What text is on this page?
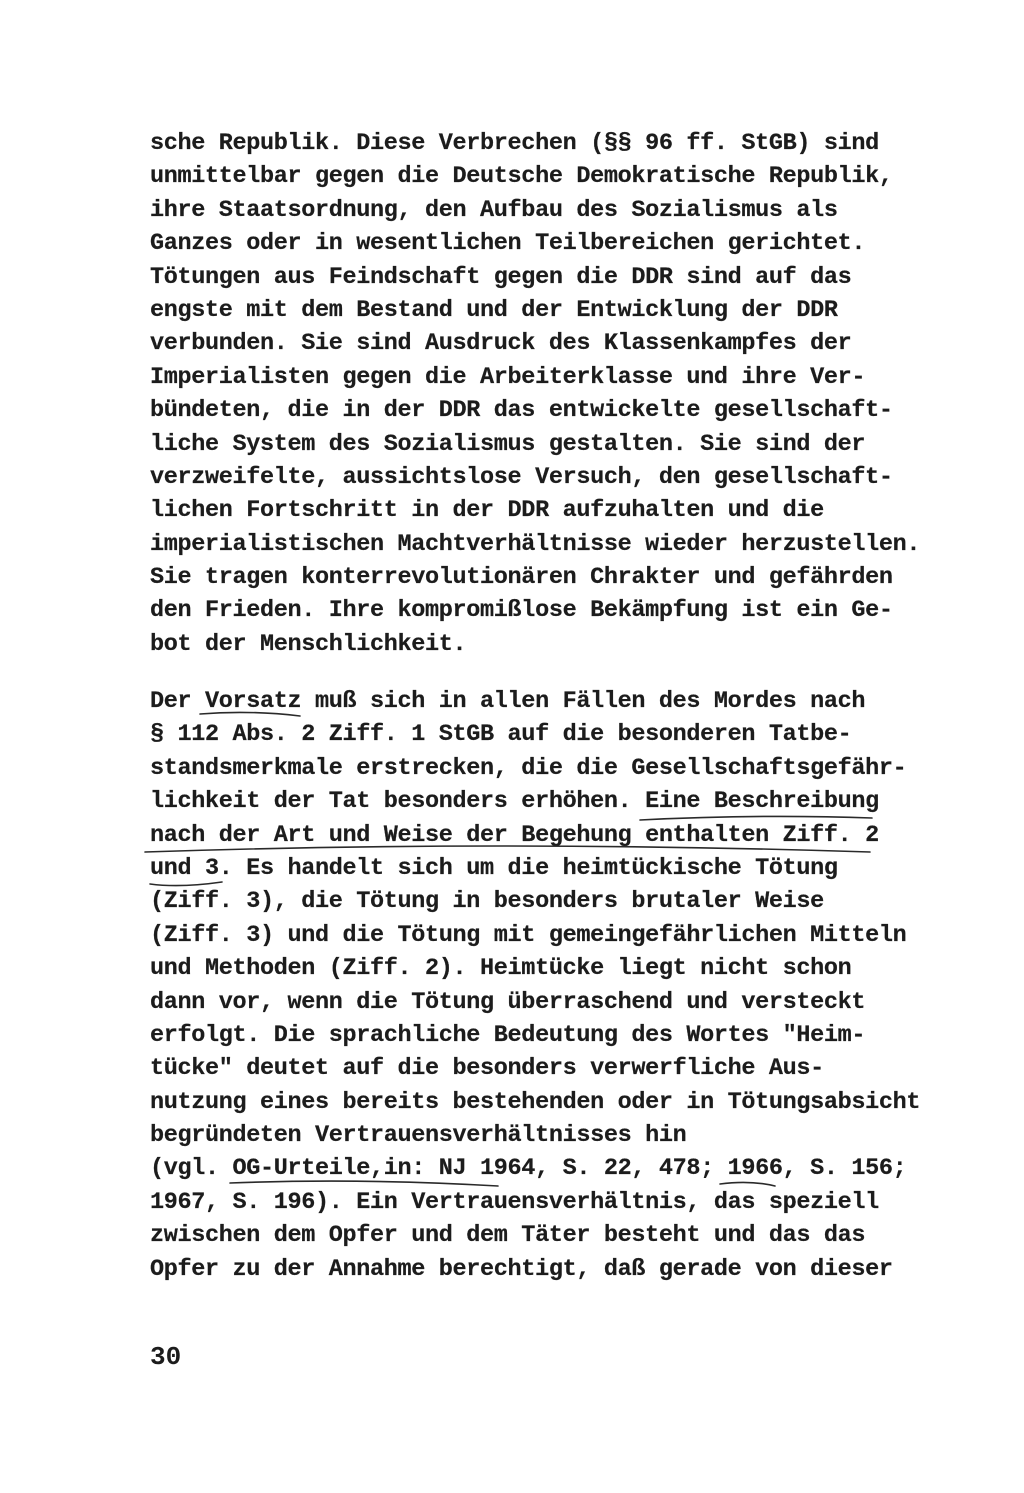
sche Republik. Diese Verbrechen (§§ 96 ff. StGB) sind
unmittelbar gegen die Deutsche Demokratische Republik,
ihre Staatsordnung, den Aufbau des Sozialismus als
Ganzes oder in wesentlichen Teilbereichen gerichtet.
Tötungen aus Feindschaft gegen die DDR sind auf das
engste mit dem Bestand und der Entwicklung der DDR
verbunden. Sie sind Ausdruck des Klassenkampfes der
Imperialisten gegen die Arbeiterklasse und ihre Ver-
bündeten, die in der DDR das entwickelte gesellschaft-
liche System des Sozialismus gestalten. Sie sind der
verzweifelte, aussichtslose Versuch, den gesellschaft-
lichen Fortschritt in der DDR aufzuhalten und die
imperialistischen Machtverhältnisse wieder herzustellen.
Sie tragen konterrevolutionären Chrakter und gefährden
den Frieden. Ihre kompromißlose Bekämpfung ist ein Ge-
bot der Menschlichkeit.
Der Vorsatz muß sich in allen Fällen des Mordes nach
§ 112 Abs. 2 Ziff. 1 StGB auf die besonderen Tatbe-
standsmerkmale erstrecken, die die Gesellschaftsgefähr-
lichkeit der Tat besonders erhöhen. Eine Beschreibung
nach der Art und Weise der Begehung enthalten Ziff. 2
und 3. Es handelt sich um die heimtückische Tötung
(Ziff. 3), die Tötung in besonders brutaler Weise
(Ziff. 3) und die Tötung mit gemeingefährlichen Mitteln
und Methoden (Ziff. 2). Heimtücke liegt nicht schon
dann vor, wenn die Tötung überraschend und versteckt
erfolgt. Die sprachliche Bedeutung des Wortes "Heim-
tücke" deutet auf die besonders verwerfliche Aus-
nutzung eines bereits bestehenden oder in Tötungsabsicht
begründeten Vertrauensverhältnisses hin
(vgl. OG-Urteile,in: NJ 1964, S. 22, 478; 1966, S. 156;
1967, S. 196). Ein Vertrauensverhältnis, das speziell
zwischen dem Opfer und dem Täter besteht und das das
Opfer zu der Annahme berechtigt, daß gerade von dieser
30
